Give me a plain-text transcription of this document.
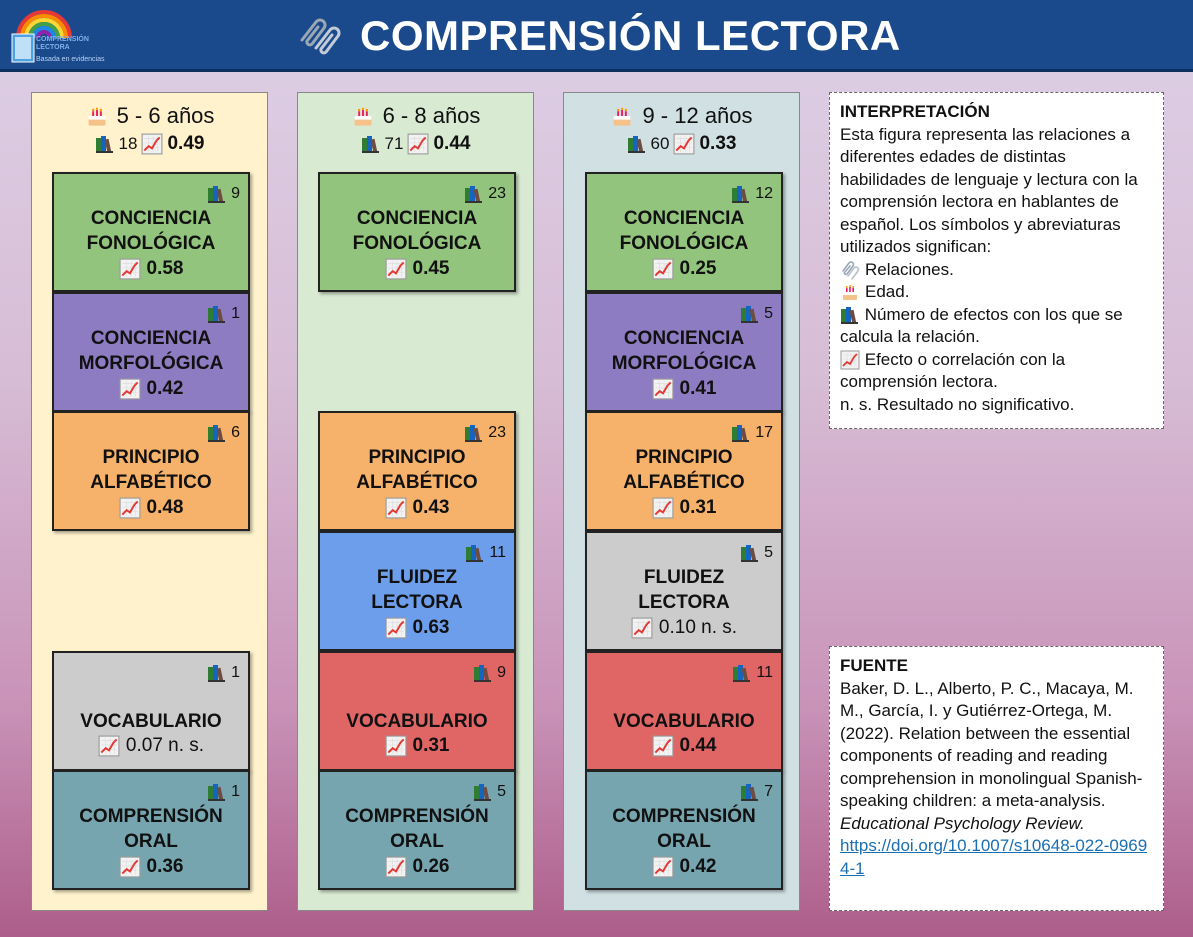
COMPRENSIÓN
LECTORA
Basada en evidencias
COMPRENSIÓN LECTORA
5 - 6 años
18 0.49
6 - 8 años
71 0.44
9 - 12 años
60 0.33
9
CONCIENCIA
FONOLÓGICA
0.58
1
CONCIENCIA
MORFOLÓGICA
0.42
6
PRINCIPIO
ALFABÉTICO
0.48
1
VOCABULARIO
0.07 n. s.
1
COMPRENSIÓN
ORAL
0.36
23
CONCIENCIA
FONOLÓGICA
0.45
23
PRINCIPIO
ALFABÉTICO
0.43
11
FLUIDEZ
LECTORA
0.63
9
VOCABULARIO
0.31
5
COMPRENSIÓN
ORAL
0.26
12
CONCIENCIA
FONOLÓGICA
0.25
5
CONCIENCIA
MORFOLÓGICA
0.41
17
PRINCIPIO
ALFABÉTICO
0.31
5
FLUIDEZ
LECTORA
0.10 n. s.
11
VOCABULARIO
0.44
7
COMPRENSIÓN
ORAL
0.42
INTERPRETACIÓN
Esta figura representa las relaciones a diferentes edades de distintas habilidades de lenguaje y lectura con la comprensión lectora en hablantes de español. Los símbolos y abreviaturas utilizados significan:
Relaciones.
Edad.
Número de efectos con los que se calcula la relación.
Efecto o correlación con la comprensión lectora.
n. s. Resultado no significativo.
FUENTE
Baker, D. L., Alberto, P. C., Macaya, M. M., García, I. y Gutiérrez-Ortega, M. (2022). Relation between the essential components of reading and reading comprehension in monolingual Spanish-speaking children: a meta-analysis. Educational Psychology Review.
https://doi.org/10.1007/s10648-022-09694-1
